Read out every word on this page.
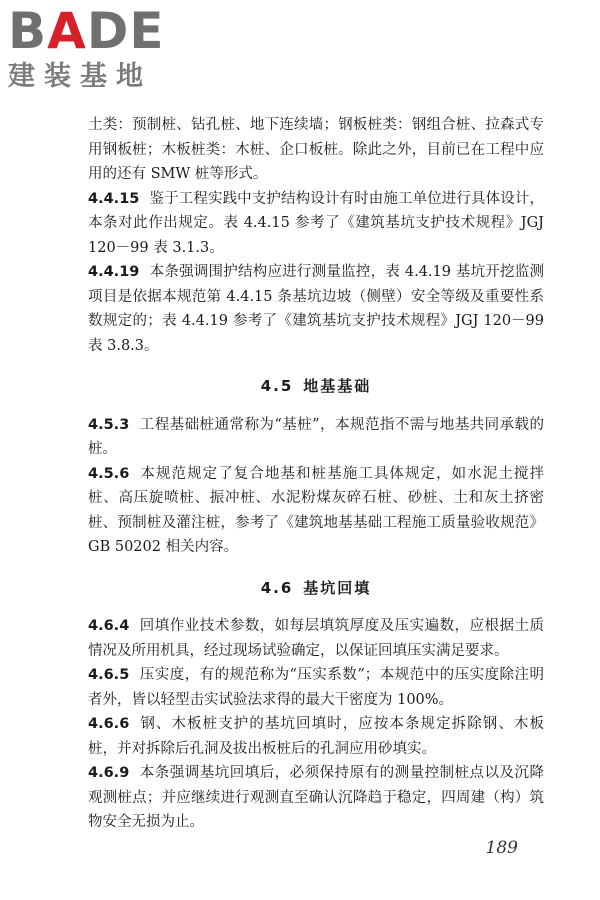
BADE
建装基地

土类：预制桩、钻孔桩、地下连续墙；钢板桩类：钢组合桩、拉森式专用钢板桩；木板桩类：木桩、企口板桩。除此之外，目前已在工程中应用的还有 SMW 桩等形式。

4.4.15 鉴于工程实践中支护结构设计有时由施工单位进行具体设计，本条对此作出规定。表 4.4.15 参考了《建筑基坑支护技术规程》JGJ 120－99 表 3.1.3。

4.4.19 本条强调围护结构应进行测量监控，表 4.4.19 基坑开挖监测项目是依据本规范第 4.4.15 条基坑边坡（侧壁）安全等级及重要性系数规定的；表 4.4.19 参考了《建筑基坑支护技术规程》JGJ 120－99 表 3.8.3。

4.5 地基基础

4.5.3 工程基础桩通常称为“基桩”，本规范指不需与地基共同承载的桩。

4.5.6 本规范规定了复合地基和桩基施工具体规定，如水泥土搅拌桩、高压旋喷桩、振冲桩、水泥粉煤灰碎石桩、砂桩、土和灰土挤密桩、预制桩及灌注桩，参考了《建筑地基基础工程施工质量验收规范》GB 50202 相关内容。

4.6 基坑回填

4.6.4 回填作业技术参数，如每层填筑厚度及压实遍数，应根据土质情况及所用机具，经过现场试验确定，以保证回填压实满足要求。

4.6.5 压实度，有的规范称为“压实系数”；本规范中的压实度除注明者外，皆以轻型击实试验法求得的最大干密度为 100%。

4.6.6 钢、木板桩支护的基坑回填时，应按本条规定拆除钢、木板桩，并对拆除后孔洞及拔出板桩后的孔洞应用砂填实。

4.6.9 本条强调基坑回填后，必须保持原有的测量控制桩点以及沉降观测桩点；并应继续进行观测直至确认沉降趋于稳定，四周建（构）筑物安全无损为止。

189
